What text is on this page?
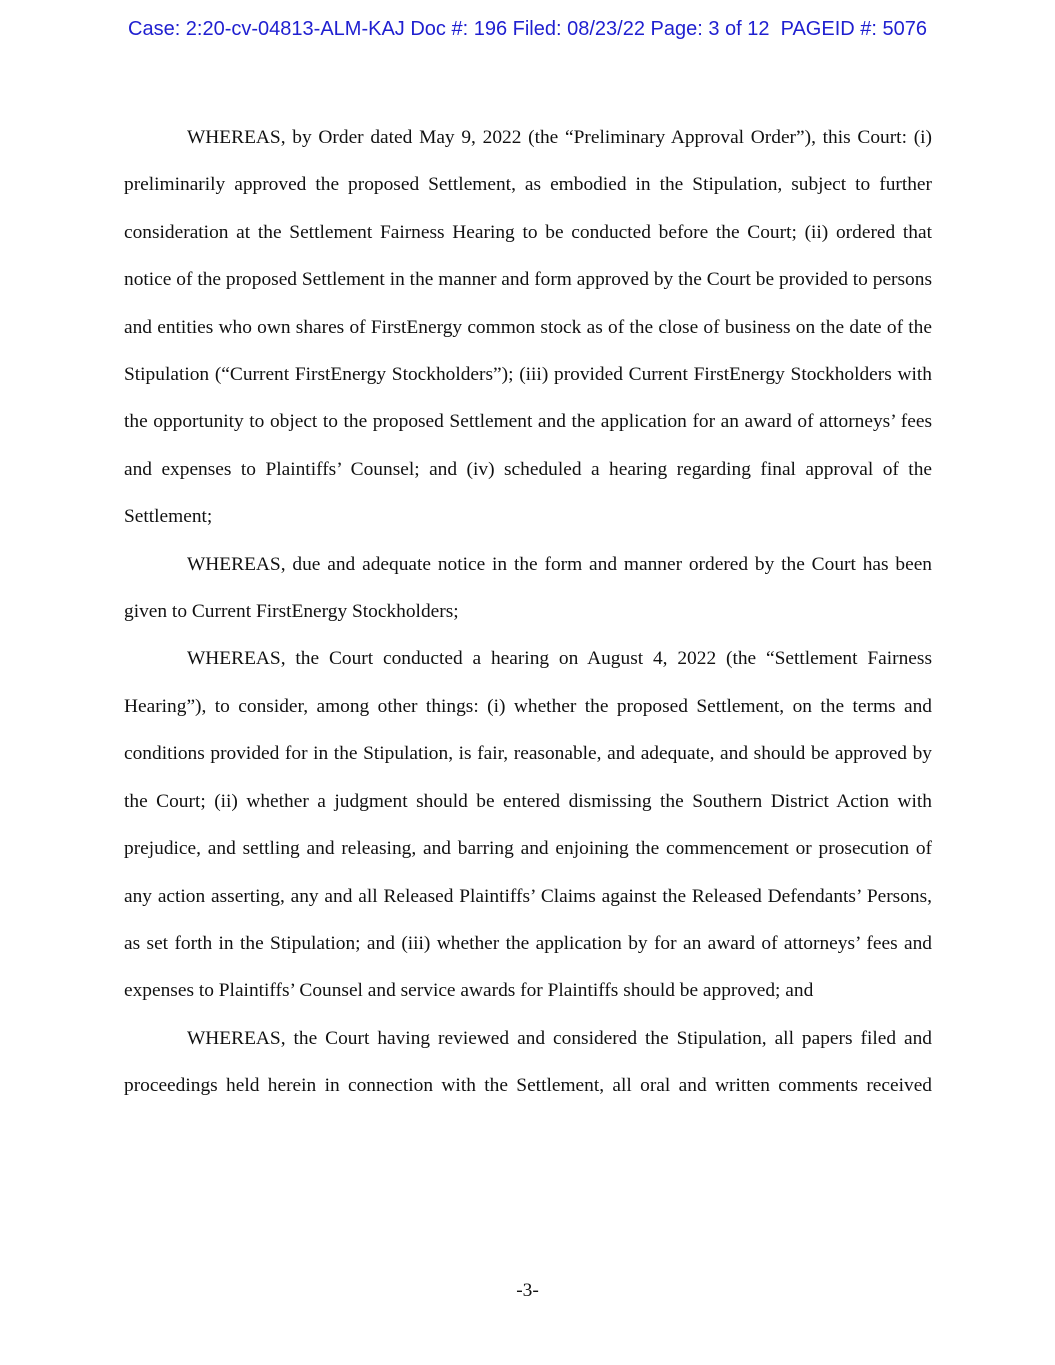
Case: 2:20-cv-04813-ALM-KAJ Doc #: 196 Filed: 08/23/22 Page: 3 of 12  PAGEID #: 5076

WHEREAS, by Order dated May 9, 2022 (the “Preliminary Approval Order”), this Court: (i) preliminarily approved the proposed Settlement, as embodied in the Stipulation, subject to further consideration at the Settlement Fairness Hearing to be conducted before the Court; (ii) ordered that notice of the proposed Settlement in the manner and form approved by the Court be provided to persons and entities who own shares of FirstEnergy common stock as of the close of business on the date of the Stipulation (“Current FirstEnergy Stockholders”); (iii) provided Current FirstEnergy Stockholders with the opportunity to object to the proposed Settlement and the application for an award of attorneys’ fees and expenses to Plaintiffs’ Counsel; and (iv) scheduled a hearing regarding final approval of the Settlement;

WHEREAS, due and adequate notice in the form and manner ordered by the Court has been given to Current FirstEnergy Stockholders;

WHEREAS, the Court conducted a hearing on August 4, 2022 (the “Settlement Fairness Hearing”), to consider, among other things: (i) whether the proposed Settlement, on the terms and conditions provided for in the Stipulation, is fair, reasonable, and adequate, and should be approved by the Court; (ii) whether a judgment should be entered dismissing the Southern District Action with prejudice, and settling and releasing, and barring and enjoining the commencement or prosecution of any action asserting, any and all Released Plaintiffs’ Claims against the Released Defendants’ Persons, as set forth in the Stipulation; and (iii) whether the application by for an award of attorneys’ fees and expenses to Plaintiffs’ Counsel and service awards for Plaintiffs should be approved; and

WHEREAS, the Court having reviewed and considered the Stipulation, all papers filed and proceedings held herein in connection with the Settlement, all oral and written comments received

-3-
